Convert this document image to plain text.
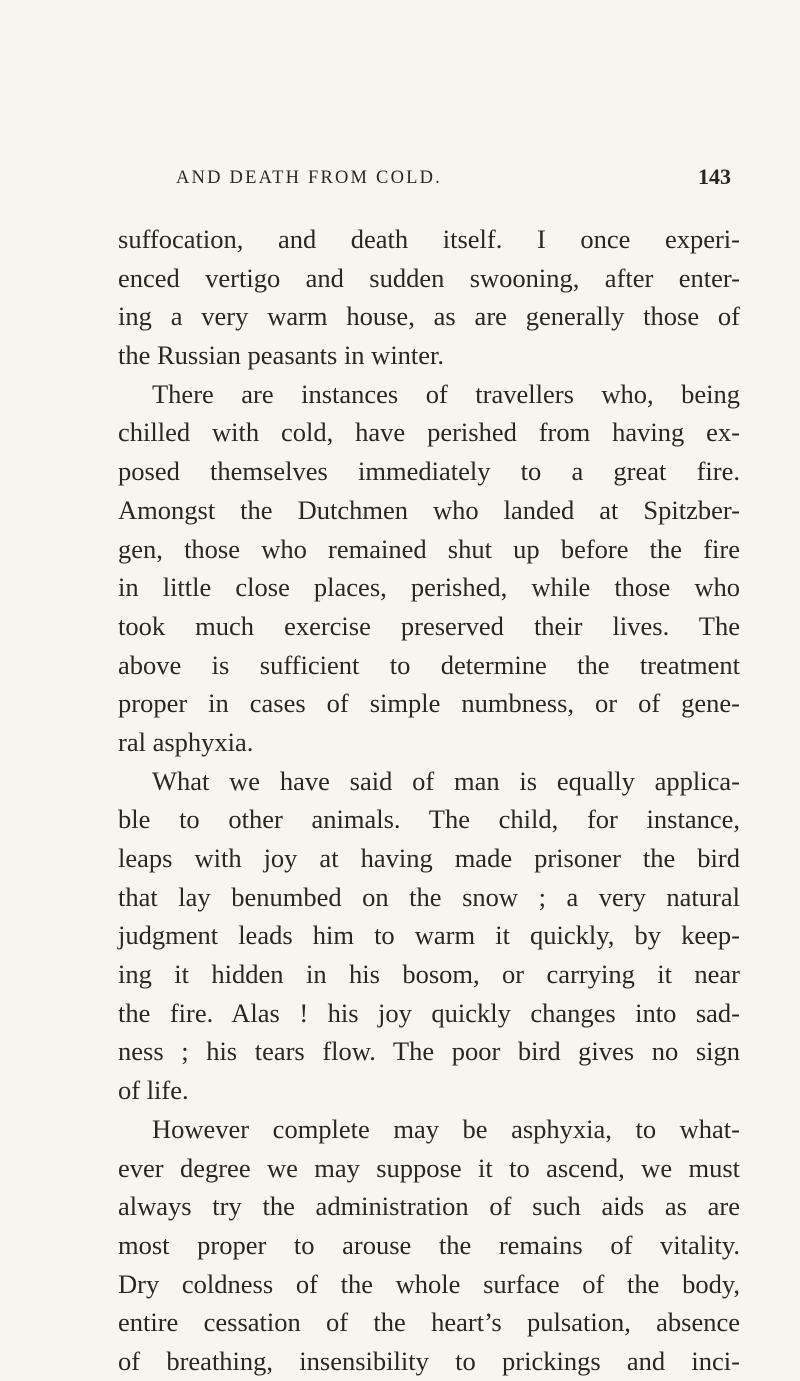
AND DEATH FROM COLD.	143
suffocation, and death itself. I once experi-
enced vertigo and sudden swooning, after enter-
ing a very warm house, as are generally those of
the Russian peasants in winter.
There are instances of travellers who, being
chilled with cold, have perished from having ex-
posed themselves immediately to a great fire.
Amongst the Dutchmen who landed at Spitzber-
gen, those who remained shut up before the fire
in little close places, perished, while those who
took much exercise preserved their lives. The
above is sufficient to determine the treatment
proper in cases of simple numbness, or of gene-
ral asphyxia.
What we have said of man is equally applica-
ble to other animals. The child, for instance,
leaps with joy at having made prisoner the bird
that lay benumbed on the snow ; a very natural
judgment leads him to warm it quickly, by keep-
ing it hidden in his bosom, or carrying it near
the fire. Alas ! his joy quickly changes into sad-
ness ; his tears flow. The poor bird gives no sign
of life.
However complete may be asphyxia, to what-
ever degree we may suppose it to ascend, we must
always try the administration of such aids as are
most proper to arouse the remains of vitality.
Dry coldness of the whole surface of the body,
entire cessation of the heart’s pulsation, absence
of breathing, insensibility to prickings and inci-
